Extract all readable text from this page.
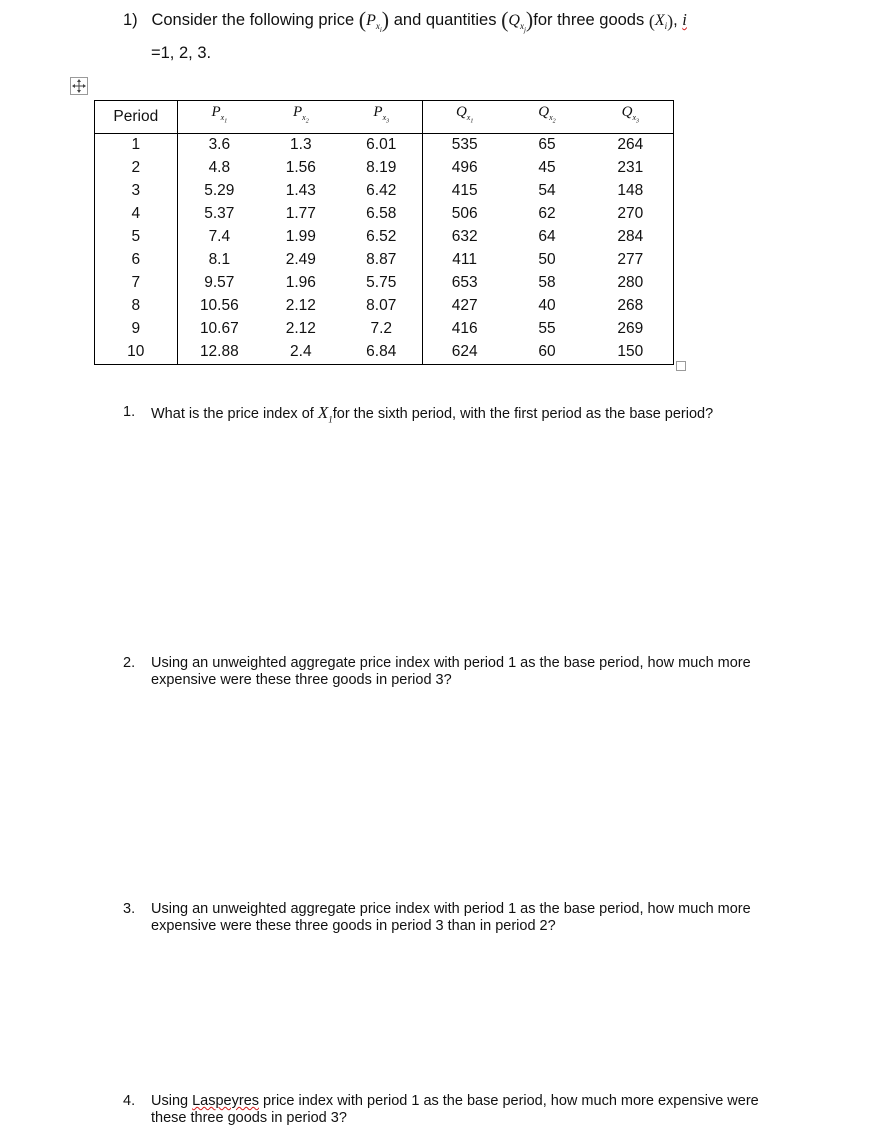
1) Consider the following price $(P_{x_i})$ and quantities $(Q_{x_j})for$ three goods $(X_i)$, i
=1, 2, 3.
Period	$P_{x_1}$	$P_{x_2}$	$P_{x_3}$	$Q_{x_1}$	$Q_{x_2}$	$Q_{x_3}$
1	3.6	1.3	6.01	535	65	264
2	4.8	1.56	8.19	496	45	231
3	5.29	1.43	6.42	415	54	148
4	5.37	1.77	6.58	506	62	270
5	7.4	1.99	6.52	632	64	284
6	8.1	2.49	8.87	411	50	277
7	9.57	1.96	5.75	653	58	280
8	10.56	2.12	8.07	427	40	268
9	10.67	2.12	7.2	416	55	269
10	12.88	2.4	6.84	624	60	150
1. What is the price index of $X_1for$ the sixth period, with the first period as the base period?
2. Using an unweighted aggregate price index with period 1 as the base period, how much more expensive were these three goods in period 3?
3. Using an unweighted aggregate price index with period 1 as the base period, how much more expensive were these three goods in period 3 than in period 2?
4. Using Laspeyres price index with period 1 as the base period, how much more expensive were these three goods in period 3?
